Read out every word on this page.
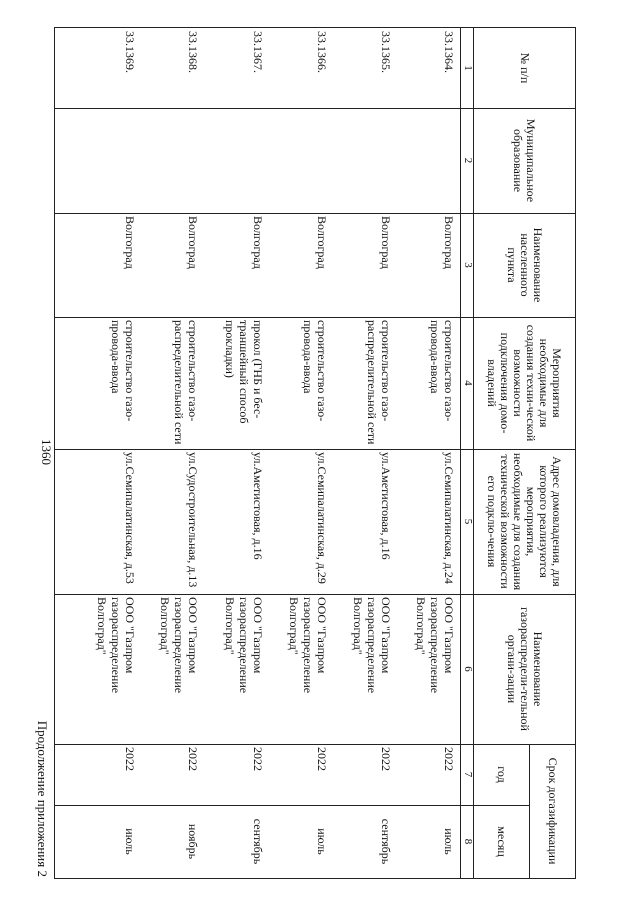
1360
Продолжение приложения 2
№ п/п
Муниципальное образование
Наименование населенного пункта
Мероприятия необходимые для создания техни-ческой возможности подключения домо-владений
Адрес домовладения, для которого реализуются мероприятия, необходимые для создания технической возможности его подклю-чения
Наименование газораспредели-тельной органи-зации
Срок догазификации
год
месяц
1
2
3
4
5
6
7
8
33.1364.
Волгоград
строительство газо-провода-ввода
ул.Семипалатинская, д.24
ООО "Газпром газораспределение Волгоград"
2022
июль
33.1365.
Волгоград
строительство газо-распределительной сети
ул.Аметистовая, д.16
ООО "Газпром газораспределение Волгоград"
2022
сентябрь
33.1366.
Волгоград
строительство газо-провода-ввода
ул.Семипалатинская, д.29
ООО "Газпром газораспределение Волгоград"
2022
июль
33.1367.
Волгоград
прокол (ГНБ и бес-траншейный способ прокладки)
ул.Аметистовая, д.16
ООО "Газпром газораспределение Волгоград"
2022
сентябрь
33.1368.
Волгоград
строительство газо-распределительной сети
ул.Судостроительная, д.13
ООО "Газпром газораспределение Волгоград"
2022
ноябрь
33.1369.
Волгоград
строительство газо-провода-ввода
ул.Семипалатинская, д.53
ООО "Газпром газораспределение Волгоград"
2022
июль
